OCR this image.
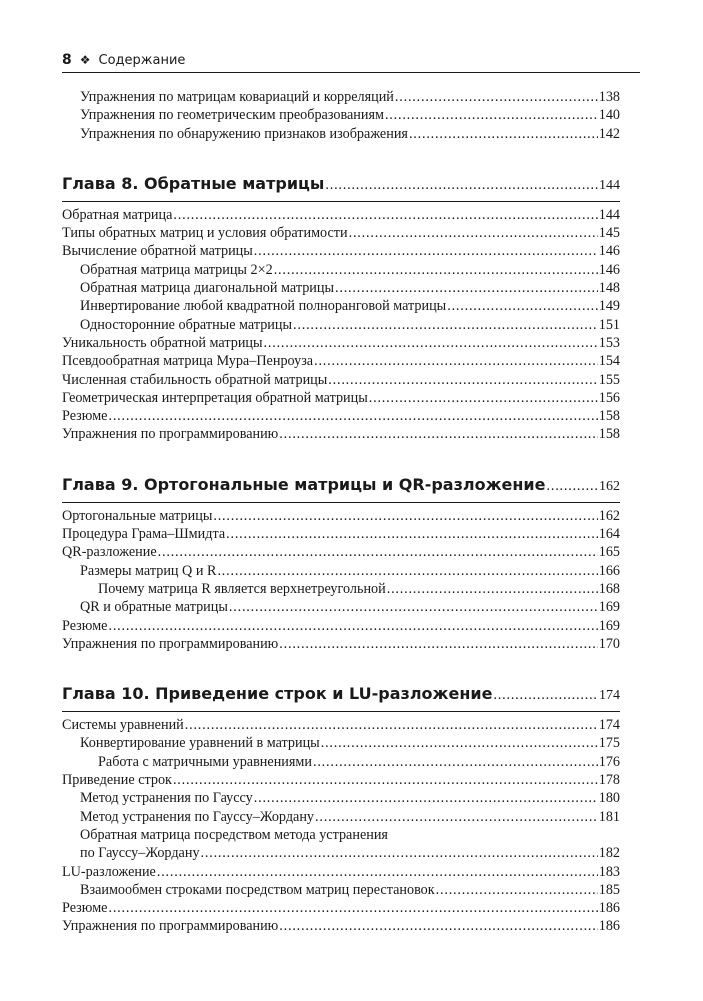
8 ❖ Содержание
Упражнения по матрицам ковариаций и корреляций .....	138
Упражнения по геометрическим преобразованиям .....	140
Упражнения по обнаружению признаков изображения .....	142
Глава 8. Обратные матрицы .....	144
Обратная матрица .....	144
Типы обратных матриц и условия обратимости .....	145
Вычисление обратной матрицы .....	146
Обратная матрица матрицы 2×2 .....	146
Обратная матрица диагональной матрицы .....	148
Инвертирование любой квадратной полноранговой матрицы .....	149
Односторонние обратные матрицы .....	151
Уникальность обратной матрицы .....	153
Псевдообратная матрица Мура–Пенроуза .....	154
Численная стабильность обратной матрицы .....	155
Геометрическая интерпретация обратной матрицы .....	156
Резюме .....	158
Упражнения по программированию .....	158
Глава 9. Ортогональные матрицы и QR-разложение .....	162
Ортогональные матрицы .....	162
Процедура Грама–Шмидта .....	164
QR-разложение .....	165
Размеры матриц Q и R .....	166
Почему матрица R является верхнетреугольной .....	168
QR и обратные матрицы .....	169
Резюме .....	169
Упражнения по программированию .....	170
Глава 10. Приведение строк и LU-разложение .....	174
Системы уравнений .....	174
Конвертирование уравнений в матрицы .....	175
Работа с матричными уравнениями .....	176
Приведение строк .....	178
Метод устранения по Гауссу .....	180
Метод устранения по Гауссу–Жордану .....	181
Обратная матрица посредством метода устранения
по Гауссу–Жордану .....	182
LU-разложение .....	183
Взаимообмен строками посредством матриц перестановок .....	185
Резюме .....	186
Упражнения по программированию .....	186
